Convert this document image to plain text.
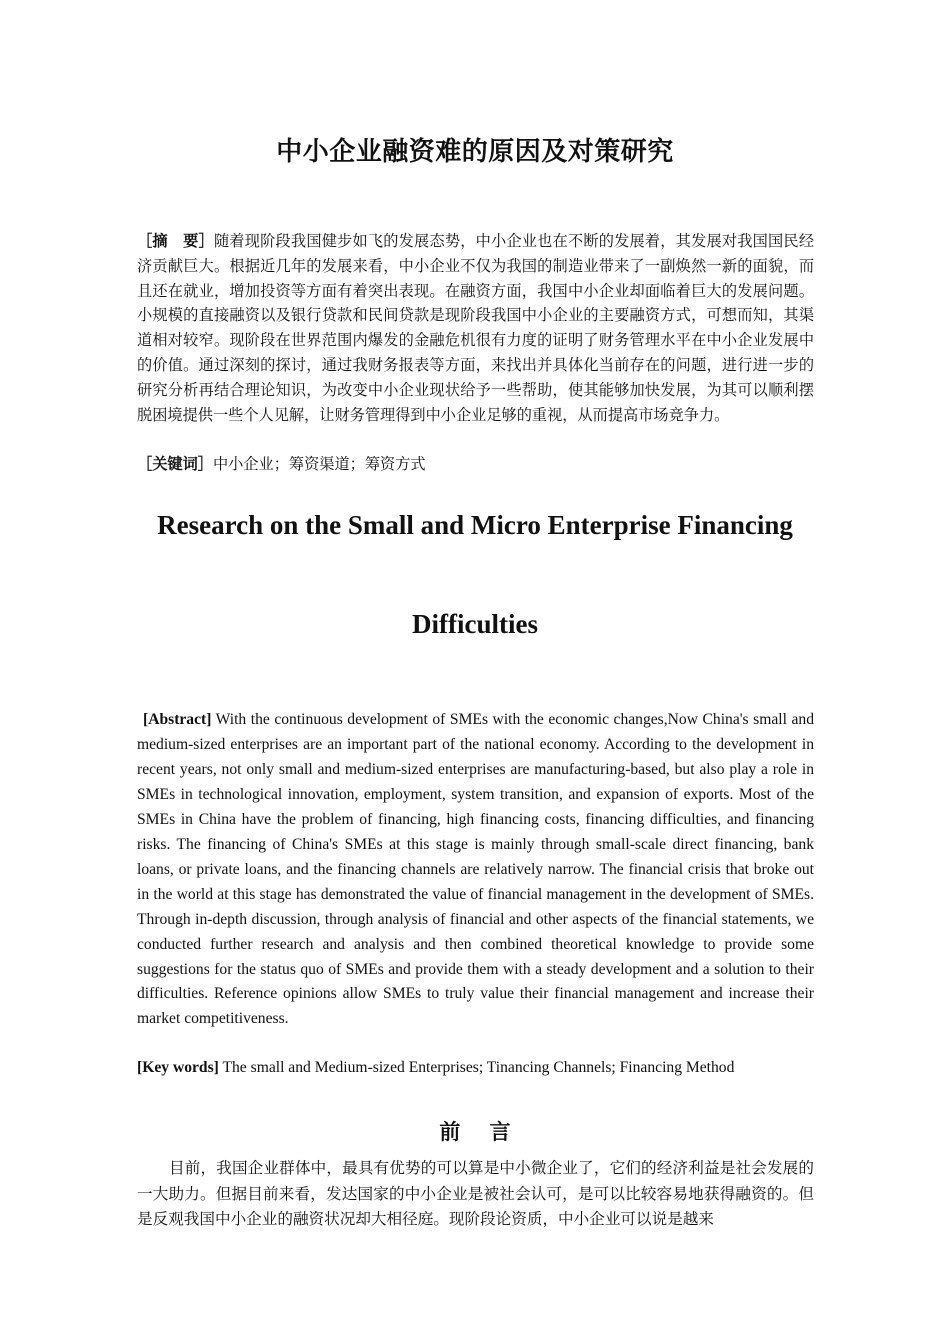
中小企业融资难的原因及对策研究

［摘　要］随着现阶段我国健步如飞的发展态势，中小企业也在不断的发展着，其发展对我国国民经济贡献巨大。根据近几年的发展来看，中小企业不仅为我国的制造业带来了一副焕然一新的面貌，而且还在就业，增加投资等方面有着突出表现。在融资方面，我国中小企业却面临着巨大的发展问题。小规模的直接融资以及银行贷款和民间贷款是现阶段我国中小企业的主要融资方式，可想而知，其渠道相对较窄。现阶段在世界范围内爆发的金融危机很有力度的证明了财务管理水平在中小企业发展中的价值。通过深刻的探讨，通过我财务报表等方面，来找出并具体化当前存在的问题，进行进一步的研究分析再结合理论知识，为改变中小企业现状给予一些帮助，使其能够加快发展，为其可以顺利摆脱困境提供一些个人见解，让财务管理得到中小企业足够的重视，从而提高市场竞争力。

［关键词］中小企业；筹资渠道；筹资方式

Research on the Small and Micro Enterprise Financing
Difficulties

[Abstract] With the continuous development of SMEs with the economic changes,Now China's small and medium-sized enterprises are an important part of the national economy. According to the development in recent years, not only small and medium-sized enterprises are manufacturing-based, but also play a role in SMEs in technological innovation, employment, system transition, and expansion of exports. Most of the SMEs in China have the problem of financing, high financing costs, financing difficulties, and financing risks. The financing of China's SMEs at this stage is mainly through small-scale direct financing, bank loans, or private loans, and the financing channels are relatively narrow. The financial crisis that broke out in the world at this stage has demonstrated the value of financial management in the development of SMEs. Through in-depth discussion, through analysis of financial and other aspects of the financial statements, we conducted further research and analysis and then combined theoretical knowledge to provide some suggestions for the status quo of SMEs and provide them with a steady development and a solution to their difficulties. Reference opinions allow SMEs to truly value their financial management and increase their market competitiveness.

[Key words] The small and Medium-sized Enterprises; Tinancing Channels; Financing Method

前 言

目前，我国企业群体中，最具有优势的可以算是中小微企业了，它们的经济利益是社会发展的一大助力。但据目前来看，发达国家的中小企业是被社会认可，是可以比较容易地获得融资的。但是反观我国中小企业的融资状况却大相径庭。现阶段论资质，中小企业可以说是越来
